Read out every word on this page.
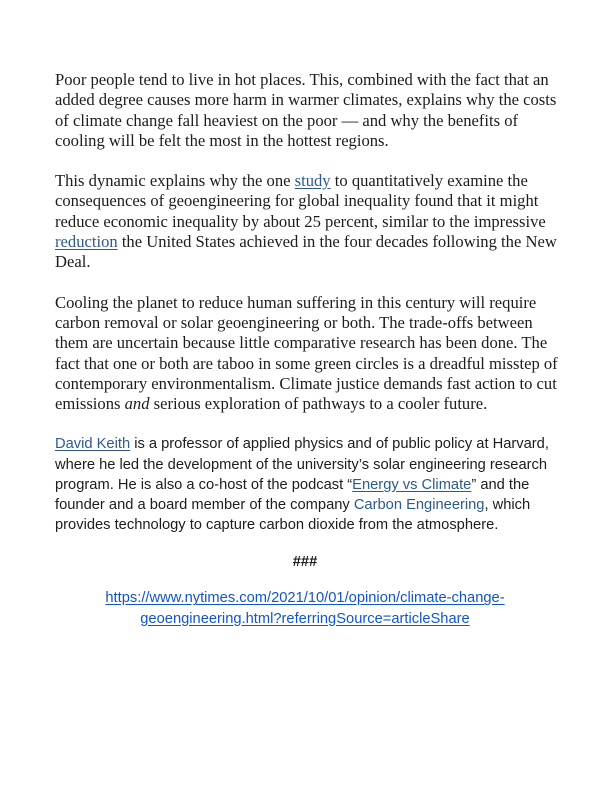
Poor people tend to live in hot places. This, combined with the fact that an added degree causes more harm in warmer climates, explains why the costs of climate change fall heaviest on the poor — and why the benefits of cooling will be felt the most in the hottest regions.

This dynamic explains why the one study to quantitatively examine the consequences of geoengineering for global inequality found that it might reduce economic inequality by about 25 percent, similar to the impressive reduction the United States achieved in the four decades following the New Deal.

Cooling the planet to reduce human suffering in this century will require carbon removal or solar geoengineering or both. The trade-offs between them are uncertain because little comparative research has been done. The fact that one or both are taboo in some green circles is a dreadful misstep of contemporary environmentalism. Climate justice demands fast action to cut emissions and serious exploration of pathways to a cooler future.

David Keith is a professor of applied physics and of public policy at Harvard, where he led the development of the university’s solar engineering research program. He is also a co-host of the podcast “Energy vs Climate” and the founder and a board member of the company Carbon Engineering, which provides technology to capture carbon dioxide from the atmosphere.

###

https://www.nytimes.com/2021/10/01/opinion/climate-change-
geoengineering.html?referringSource=articleShare
